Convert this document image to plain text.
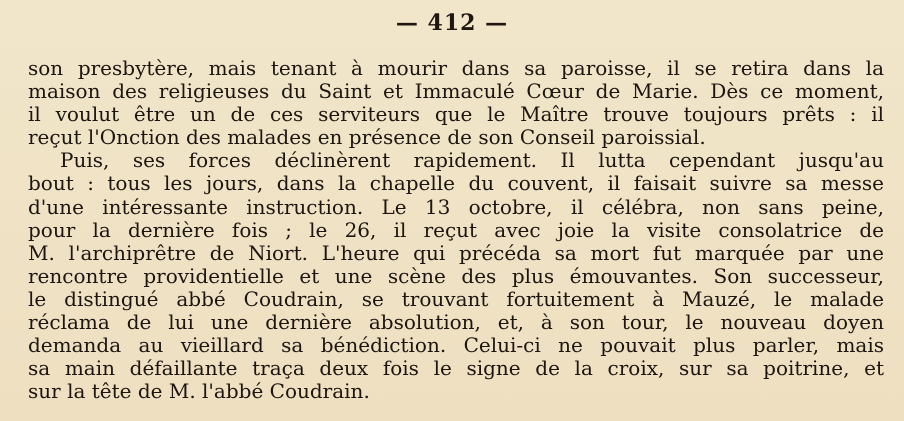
— 412 —
son presbytère, mais tenant à mourir dans sa paroisse, il se retira dans la
maison des religieuses du Saint et Immaculé Cœur de Marie. Dès ce moment,
il voulut être un de ces serviteurs que le Maître trouve toujours prêts : il
reçut l'Onction des malades en présence de son Conseil paroissial.
Puis, ses forces déclinèrent rapidement. Il lutta cependant jusqu'au
bout : tous les jours, dans la chapelle du couvent, il faisait suivre sa messe
d'une intéressante instruction. Le 13 octobre, il célébra, non sans peine,
pour la dernière fois ; le 26, il reçut avec joie la visite consolatrice de
M. l'archiprêtre de Niort. L'heure qui précéda sa mort fut marquée par une
rencontre providentielle et une scène des plus émouvantes. Son successeur,
le distingué abbé Coudrain, se trouvant fortuitement à Mauzé, le malade
réclama de lui une dernière absolution, et, à son tour, le nouveau doyen
demanda au vieillard sa bénédiction. Celui-ci ne pouvait plus parler, mais
sa main défaillante traça deux fois le signe de la croix, sur sa poitrine, et
sur la tête de M. l'abbé Coudrain.
